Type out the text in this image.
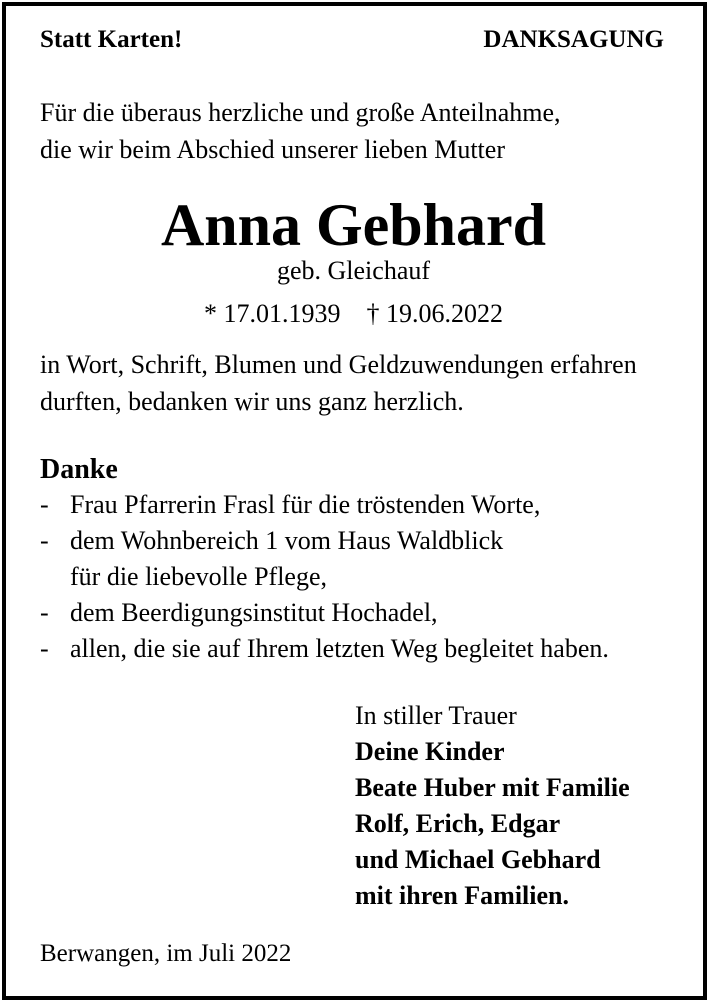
Statt Karten!	DANKSAGUNG
Für die überaus herzliche und große Anteilnahme,
die wir beim Abschied unserer lieben Mutter
Anna Gebhard
geb. Gleichauf
* 17.01.1939 † 19.06.2022
in Wort, Schrift, Blumen und Geldzuwendungen erfahren
durften, bedanken wir uns ganz herzlich.
Danke
- Frau Pfarrerin Frasl für die tröstenden Worte,
- dem Wohnbereich 1 vom Haus Waldblick
für die liebevolle Pflege,
- dem Beerdigungsinstitut Hochadel,
- allen, die sie auf Ihrem letzten Weg begleitet haben.
In stiller Trauer
Deine Kinder
Beate Huber mit Familie
Rolf, Erich, Edgar
und Michael Gebhard
mit ihren Familien.
Berwangen, im Juli 2022
